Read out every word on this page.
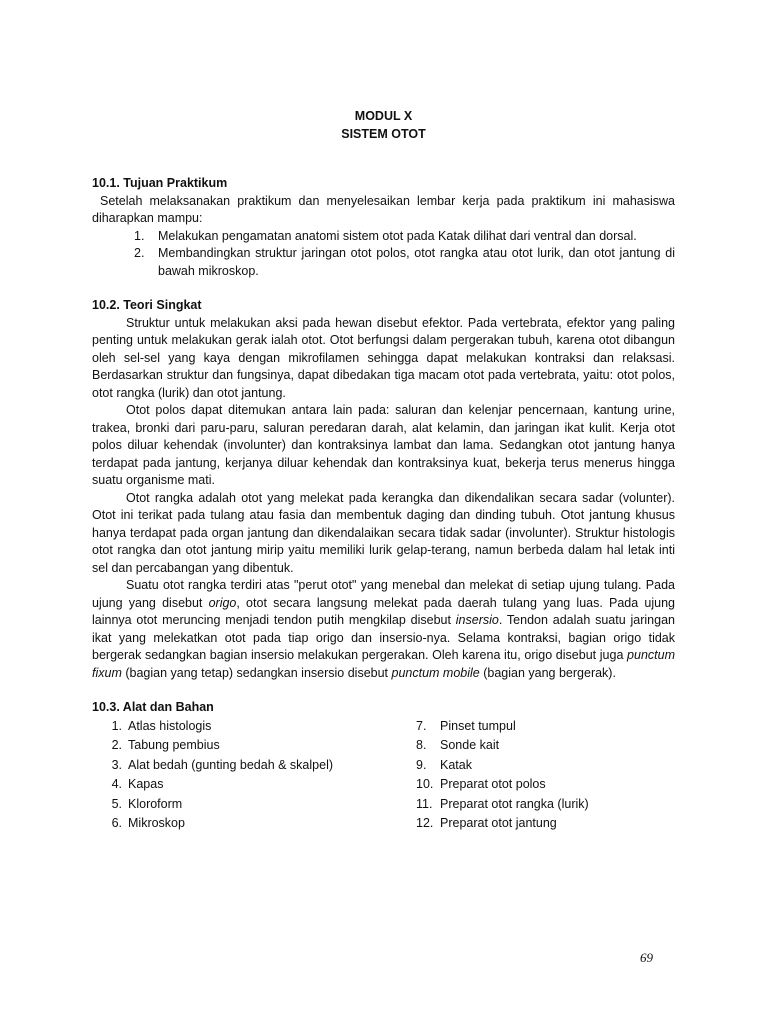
MODUL X
SISTEM OTOT
10.1. Tujuan Praktikum

Setelah melaksanakan praktikum dan menyelesaikan lembar kerja pada praktikum ini mahasiswa diharapkan mampu:

1. Melakukan pengamatan anatomi sistem otot pada Katak dilihat dari ventral dan dorsal.
2. Membandingkan struktur jaringan otot polos, otot rangka atau otot lurik, dan otot jantung di bawah mikroskop.
10.2. Teori Singkat

Struktur untuk melakukan aksi pada hewan disebut efektor. Pada vertebrata, efektor yang paling penting untuk melakukan gerak ialah otot. Otot berfungsi dalam pergerakan tubuh, karena otot dibangun oleh sel-sel yang kaya dengan mikrofilamen sehingga dapat melakukan kontraksi dan relaksasi. Berdasarkan struktur dan fungsinya, dapat dibedakan tiga macam otot pada vertebrata, yaitu: otot polos, otot rangka (lurik) dan otot jantung.

Otot polos dapat ditemukan antara lain pada: saluran dan kelenjar pencernaan, kantung urine, trakea, bronki dari paru-paru, saluran peredaran darah, alat kelamin, dan jaringan ikat kulit. Kerja otot polos diluar kehendak (involunter) dan kontraksinya lambat dan lama. Sedangkan otot jantung hanya terdapat pada jantung, kerjanya diluar kehendak dan kontraksinya kuat, bekerja terus menerus hingga suatu organisme mati.

Otot rangka adalah otot yang melekat pada kerangka dan dikendalikan secara sadar (volunter). Otot ini terikat pada tulang atau fasia dan membentuk daging dan dinding tubuh. Otot jantung khusus hanya terdapat pada organ jantung dan dikendalaikan secara tidak sadar (involunter). Struktur histologis otot rangka dan otot jantung mirip yaitu memiliki lurik gelap-terang, namun berbeda dalam hal letak inti sel dan percabangan yang dibentuk.

Suatu otot rangka terdiri atas "perut otot" yang menebal dan melekat di setiap ujung tulang. Pada ujung yang disebut origo, otot secara langsung melekat pada daerah tulang yang luas. Pada ujung lainnya otot meruncing menjadi tendon putih mengkilap disebut insersio. Tendon adalah suatu jaringan ikat yang melekatkan otot pada tiap origo dan insersio-nya. Selama kontraksi, bagian origo tidak bergerak sedangkan bagian insersio melakukan pergerakan. Oleh karena itu, origo disebut juga punctum fixum (bagian yang tetap) sedangkan insersio disebut punctum mobile (bagian yang bergerak).

10.3. Alat dan Bahan
1. Atlas histologis
2. Tabung pembius
3. Alat bedah (gunting bedah & skalpel)
4. Kapas
5. Kloroform
6. Mikroskop
7. Pinset tumpul
8. Sonde kait
9. Katak
10. Preparat otot polos
11. Preparat otot rangka (lurik)
12. Preparat otot jantung
69
